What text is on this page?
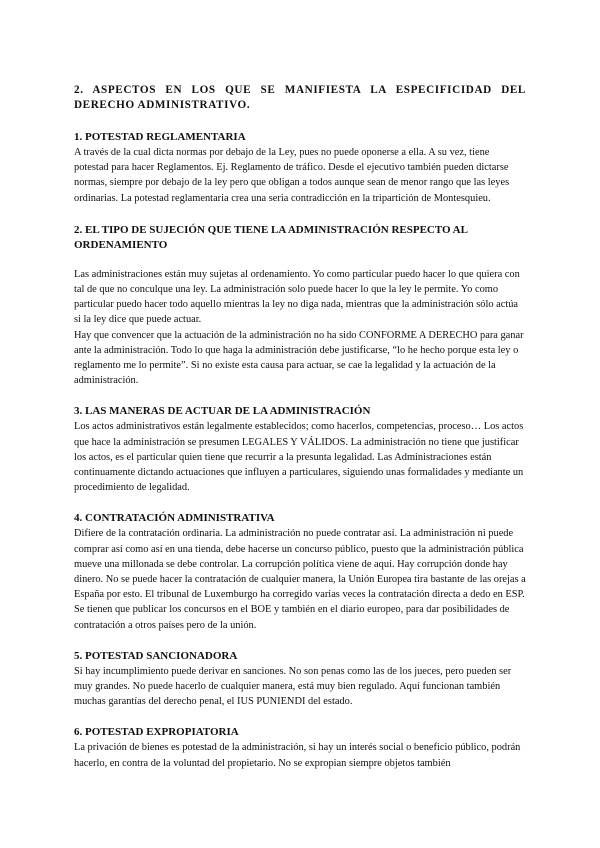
2. ASPECTOS EN LOS QUE SE MANIFIESTA LA ESPECIFICIDAD DEL DERECHO ADMINISTRATIVO.
1. POTESTAD REGLAMENTARIA
A través de la cual dicta normas por debajo de la Ley, pues no puede oponerse a ella. A su vez, tiene potestad para hacer Reglamentos. Ej. Reglamento de tráfico. Desde el ejecutivo también pueden dictarse normas, siempre por debajo de la ley pero que obligan a todos aunque sean de menor rango que las leyes ordinarias. La potestad reglamentaria crea una seria contradicción en la tripartición de Montesquieu.
2. EL TIPO DE SUJECIÓN QUE TIENE LA ADMINISTRACIÓN RESPECTO AL ORDENAMIENTO
Las administraciones están muy sujetas al ordenamiento. Yo como particular puedo hacer lo que quiera con tal de que no conculque una ley. La administración solo puede hacer lo que la ley le permite. Yo como particular puedo hacer todo aquello mientras la ley no diga nada, mientras que la administración sólo actúa si la ley dice que puede actuar.
Hay que convencer que la actuación de la administración no ha sido CONFORME A DERECHO para ganar ante la administración. Todo lo que haga la administración debe justificarse, “lo he hecho porque esta ley o reglamento me lo permite”. Si no existe esta causa para actuar, se cae la legalidad y la actuación de la administración.
3. LAS MANERAS DE ACTUAR DE LA ADMINISTRACIÓN
Los actos administrativos están legalmente establecidos; como hacerlos, competencias, proceso… Los actos que hace la administración se presumen LEGALES Y VÁLIDOS. La administración no tiene que justificar los actos, es el particular quien tiene que recurrir a la presunta legalidad. Las Administraciones están continuamente dictando actuaciones que influyen a particulares, siguiendo unas formalidades y mediante un procedimiento de legalidad.
4. CONTRATACIÓN ADMINISTRATIVA
Difiere de la contratación ordinaria. La administración no puede contratar así. La administración ni puede comprar así como así en una tienda, debe hacerse un concurso público, puesto que la administración pública mueve una millonada se debe controlar. La corrupción política viene de aquí. Hay corrupción donde hay dinero. No se puede hacer la contratación de cualquier manera, la Unión Europea tira bastante de las orejas a España por esto. El tribunal de Luxemburgo ha corregido varias veces la contratación directa a dedo en ESP. Se tienen que publicar los concursos en el BOE y también en el diario europeo, para dar posibilidades de contratación a otros países pero de la unión.
5. POTESTAD SANCIONADORA
Si hay incumplimiento puede derivar en sanciones. No son penas como las de los jueces, pero pueden ser muy grandes. No puede hacerlo de cualquier manera, está muy bien regulado. Aquí funcionan también muchas garantías del derecho penal, el IUS PUNIENDI del estado.
6. POTESTAD EXPROPIATORIA
La privación de bienes es potestad de la administración, si hay un interés social o beneficio público, podrán hacerlo, en contra de la voluntad del propietario. No se expropian siempre objetos también
